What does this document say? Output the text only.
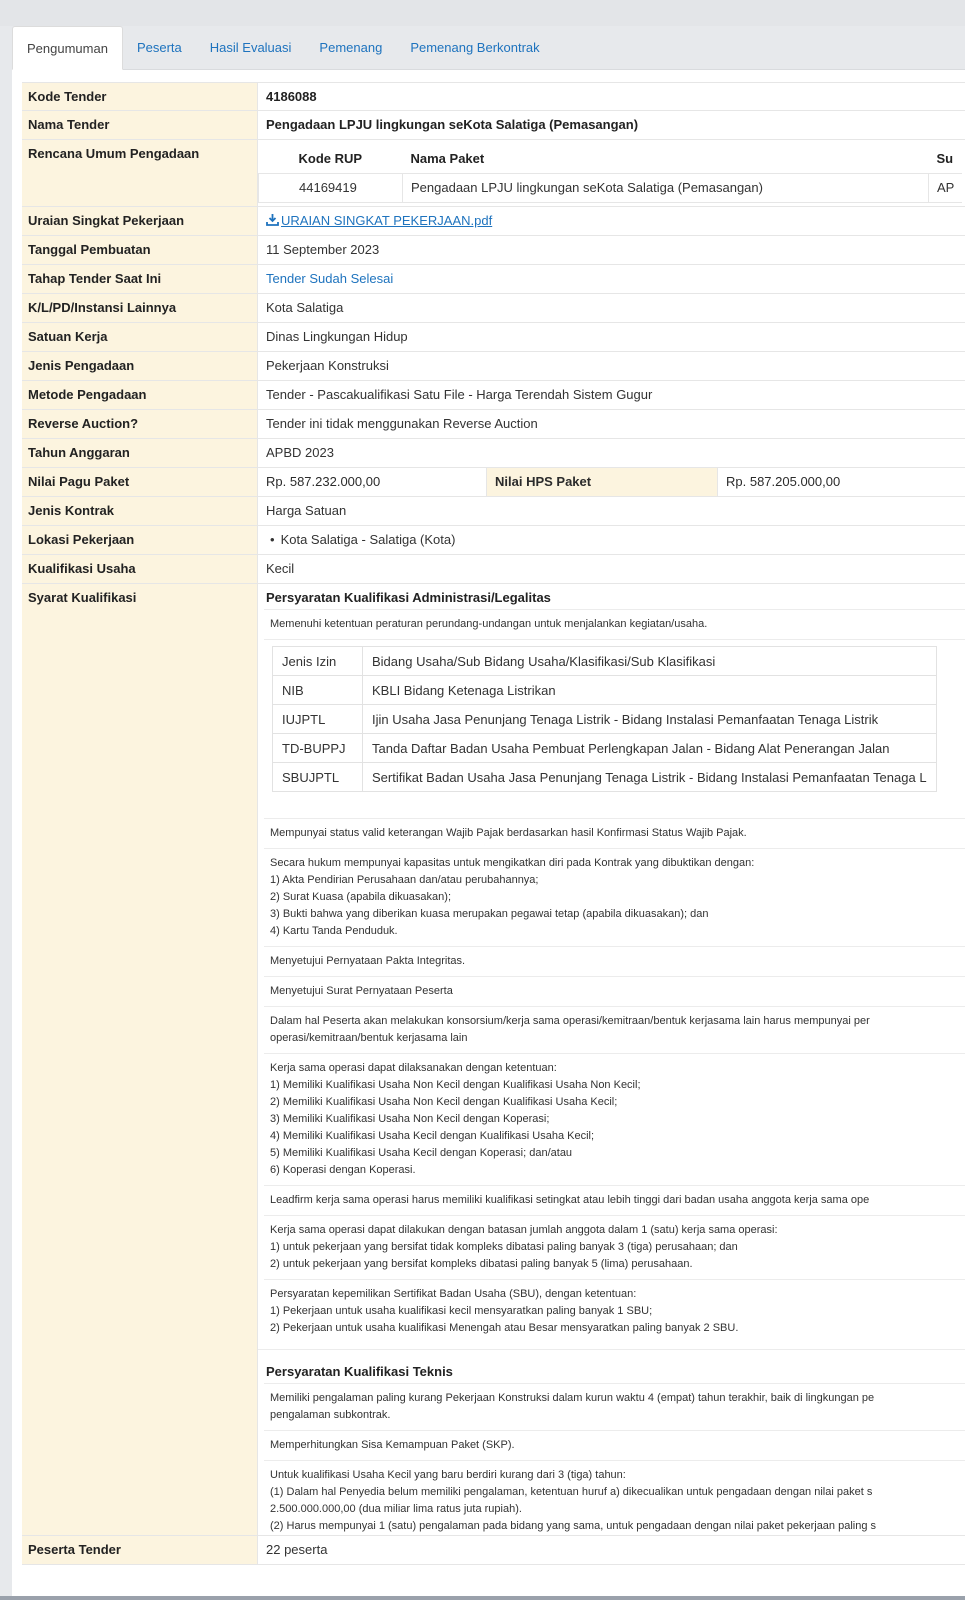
Pengumuman	Peserta	Hasil Evaluasi	Pemenang	Pemenang Berkontrak
Kode Tender	4186088
Nama Tender	Pengadaan LPJU lingkungan seKota Salatiga (Pemasangan)
Rencana Umum Pengadaan	Kode RUP	Nama Paket	Su
44169419	Pengadaan LPJU lingkungan seKota Salatiga (Pemasangan)	AP
Uraian Singkat Pekerjaan	URAIAN SINGKAT PEKERJAAN.pdf
Tanggal Pembuatan	11 September 2023
Tahap Tender Saat Ini	Tender Sudah Selesai
K/L/PD/Instansi Lainnya	Kota Salatiga
Satuan Kerja	Dinas Lingkungan Hidup
Jenis Pengadaan	Pekerjaan Konstruksi
Metode Pengadaan	Tender - Pascakualifikasi Satu File - Harga Terendah Sistem Gugur
Reverse Auction?	Tender ini tidak menggunakan Reverse Auction
Tahun Anggaran	APBD 2023
Nilai Pagu Paket	Rp. 587.232.000,00	Nilai HPS Paket	Rp. 587.205.000,00
Jenis Kontrak	Harga Satuan
Lokasi Pekerjaan	• Kota Salatiga - Salatiga (Kota)
Kualifikasi Usaha	Kecil
Syarat Kualifikasi	Persyaratan Kualifikasi Administrasi/Legalitas
Memenuhi ketentuan peraturan perundang-undangan untuk menjalankan kegiatan/usaha.
Jenis Izin	Bidang Usaha/Sub Bidang Usaha/Klasifikasi/Sub Klasifikasi
NIB	KBLI Bidang Ketenaga Listrikan
IUJPTL	Ijin Usaha Jasa Penunjang Tenaga Listrik - Bidang Instalasi Pemanfaatan Tenaga Listrik
TD-BUPPJ	Tanda Daftar Badan Usaha Pembuat Perlengkapan Jalan - Bidang Alat Penerangan Jalan
SBUJPTL	Sertifikat Badan Usaha Jasa Penunjang Tenaga Listrik - Bidang Instalasi Pemanfaatan Tenaga L
Mempunyai status valid keterangan Wajib Pajak berdasarkan hasil Konfirmasi Status Wajib Pajak.
Secara hukum mempunyai kapasitas untuk mengikatkan diri pada Kontrak yang dibuktikan dengan:
1) Akta Pendirian Perusahaan dan/atau perubahannya;
2) Surat Kuasa (apabila dikuasakan);
3) Bukti bahwa yang diberikan kuasa merupakan pegawai tetap (apabila dikuasakan); dan
4) Kartu Tanda Penduduk.
Menyetujui Pernyataan Pakta Integritas.
Menyetujui Surat Pernyataan Peserta
Dalam hal Peserta akan melakukan konsorsium/kerja sama operasi/kemitraan/bentuk kerjasama lain harus mempunyai per
operasi/kemitraan/bentuk kerjasama lain
Kerja sama operasi dapat dilaksanakan dengan ketentuan:
1) Memiliki Kualifikasi Usaha Non Kecil dengan Kualifikasi Usaha Non Kecil;
2) Memiliki Kualifikasi Usaha Non Kecil dengan Kualifikasi Usaha Kecil;
3) Memiliki Kualifikasi Usaha Non Kecil dengan Koperasi;
4) Memiliki Kualifikasi Usaha Kecil dengan Kualifikasi Usaha Kecil;
5) Memiliki Kualifikasi Usaha Kecil dengan Koperasi; dan/atau
6) Koperasi dengan Koperasi.
Leadfirm kerja sama operasi harus memiliki kualifikasi setingkat atau lebih tinggi dari badan usaha anggota kerja sama ope
Kerja sama operasi dapat dilakukan dengan batasan jumlah anggota dalam 1 (satu) kerja sama operasi:
1) untuk pekerjaan yang bersifat tidak kompleks dibatasi paling banyak 3 (tiga) perusahaan; dan
2) untuk pekerjaan yang bersifat kompleks dibatasi paling banyak 5 (lima) perusahaan.
Persyaratan kepemilikan Sertifikat Badan Usaha (SBU), dengan ketentuan:
1) Pekerjaan untuk usaha kualifikasi kecil mensyaratkan paling banyak 1 SBU;
2) Pekerjaan untuk usaha kualifikasi Menengah atau Besar mensyaratkan paling banyak 2 SBU.
Persyaratan Kualifikasi Teknis
Memiliki pengalaman paling kurang Pekerjaan Konstruksi dalam kurun waktu 4 (empat) tahun terakhir, baik di lingkungan pe
pengalaman subkontrak.
Memperhitungkan Sisa Kemampuan Paket (SKP).
Untuk kualifikasi Usaha Kecil yang baru berdiri kurang dari 3 (tiga) tahun:
(1) Dalam hal Penyedia belum memiliki pengalaman, ketentuan huruf a) dikecualikan untuk pengadaan dengan nilai paket s
2.500.000.000,00 (dua miliar lima ratus juta rupiah).
(2) Harus mempunyai 1 (satu) pengalaman pada bidang yang sama, untuk pengadaan dengan nilai paket pekerjaan paling s
Peserta Tender	22 peserta
